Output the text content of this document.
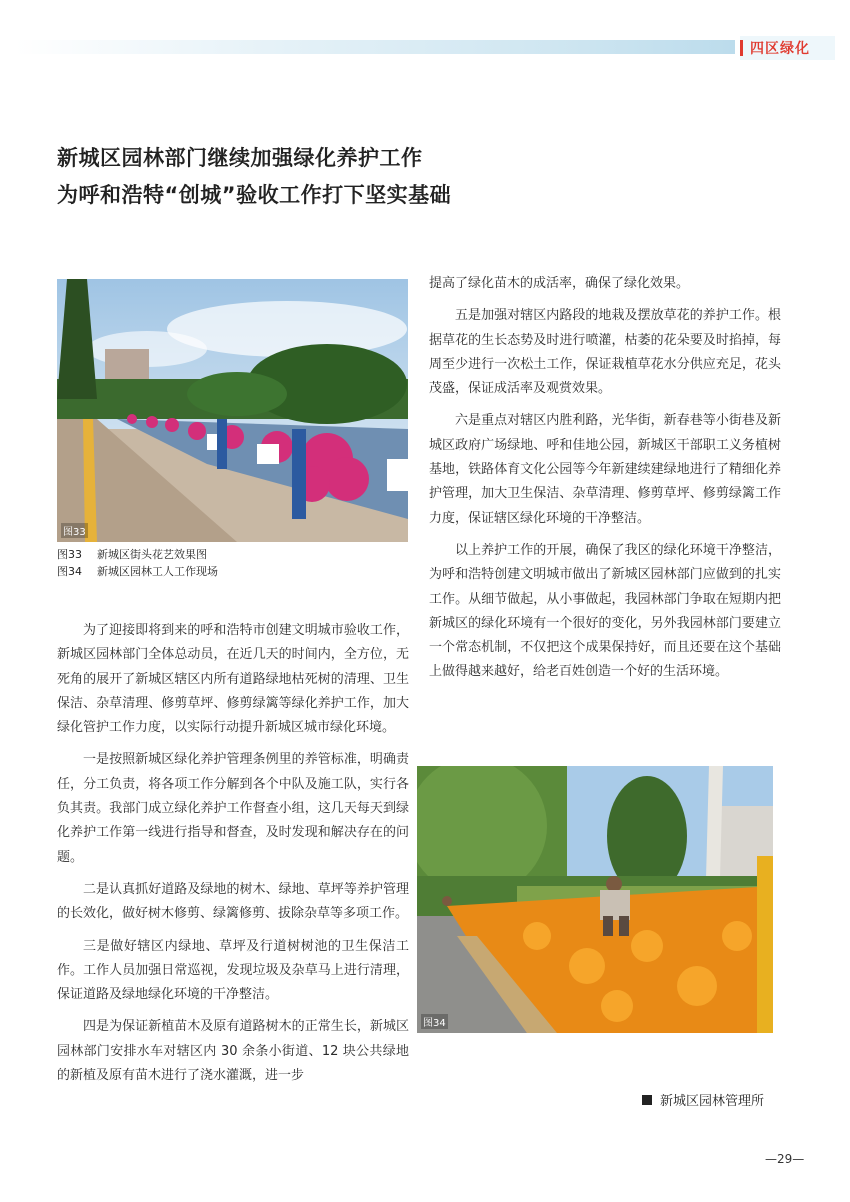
四区绿化
新城区园林部门继续加强绿化养护工作
为呼和浩特“创城”验收工作打下坚实基础
图33
图33 新城区街头花艺效果图
图34 新城区园林工人工作现场

为了迎接即将到来的呼和浩特市创建文明城市验收工作，新城区园林部门全体总动员，在近几天的时间内，全方位，无死角的展开了新城区辖区内所有道路绿地枯死树的清理、卫生保洁、杂草清理、修剪草坪、修剪绿篱等绿化养护工作，加大绿化管护工作力度，以实际行动提升新城区城市绿化环境。

一是按照新城区绿化养护管理条例里的养管标准，明确责任，分工负责，将各项工作分解到各个中队及施工队，实行各负其责。我部门成立绿化养护工作督查小组，这几天每天到绿化养护工作第一线进行指导和督查，及时发现和解决存在的问题。

二是认真抓好道路及绿地的树木、绿地、草坪等养护管理的长效化，做好树木修剪、绿篱修剪、拔除杂草等多项工作。

三是做好辖区内绿地、草坪及行道树树池的卫生保洁工作。工作人员加强日常巡视，发现垃圾及杂草马上进行清理，保证道路及绿地绿化环境的干净整洁。

四是为保证新植苗木及原有道路树木的正常生长，新城区园林部门安排水车对辖区内 30 余条小街道、12 块公共绿地的新植及原有苗木进行了浇水灌溉，进一步

提高了绿化苗木的成活率，确保了绿化效果。

五是加强对辖区内路段的地栽及摆放草花的养护工作。根据草花的生长态势及时进行喷灌，枯萎的花朵要及时掐掉，每周至少进行一次松土工作，保证栽植草花水分供应充足，花头茂盛，保证成活率及观赏效果。

六是重点对辖区内胜利路，光华街，新春巷等小街巷及新城区政府广场绿地、呼和佳地公园，新城区干部职工义务植树基地，铁路体育文化公园等今年新建续建绿地进行了精细化养护管理，加大卫生保洁、杂草清理、修剪草坪、修剪绿篱工作力度，保证辖区绿化环境的干净整洁。

以上养护工作的开展，确保了我区的绿化环境干净整洁，为呼和浩特创建文明城市做出了新城区园林部门应做到的扎实工作。从细节做起，从小事做起，我园林部门争取在短期内把新城区的绿化环境有一个很好的变化，另外我园林部门要建立一个常态机制，不仅把这个成果保持好，而且还要在这个基础上做得越来越好，给老百姓创造一个好的生活环境。

图34
新城区园林管理所
—29—
